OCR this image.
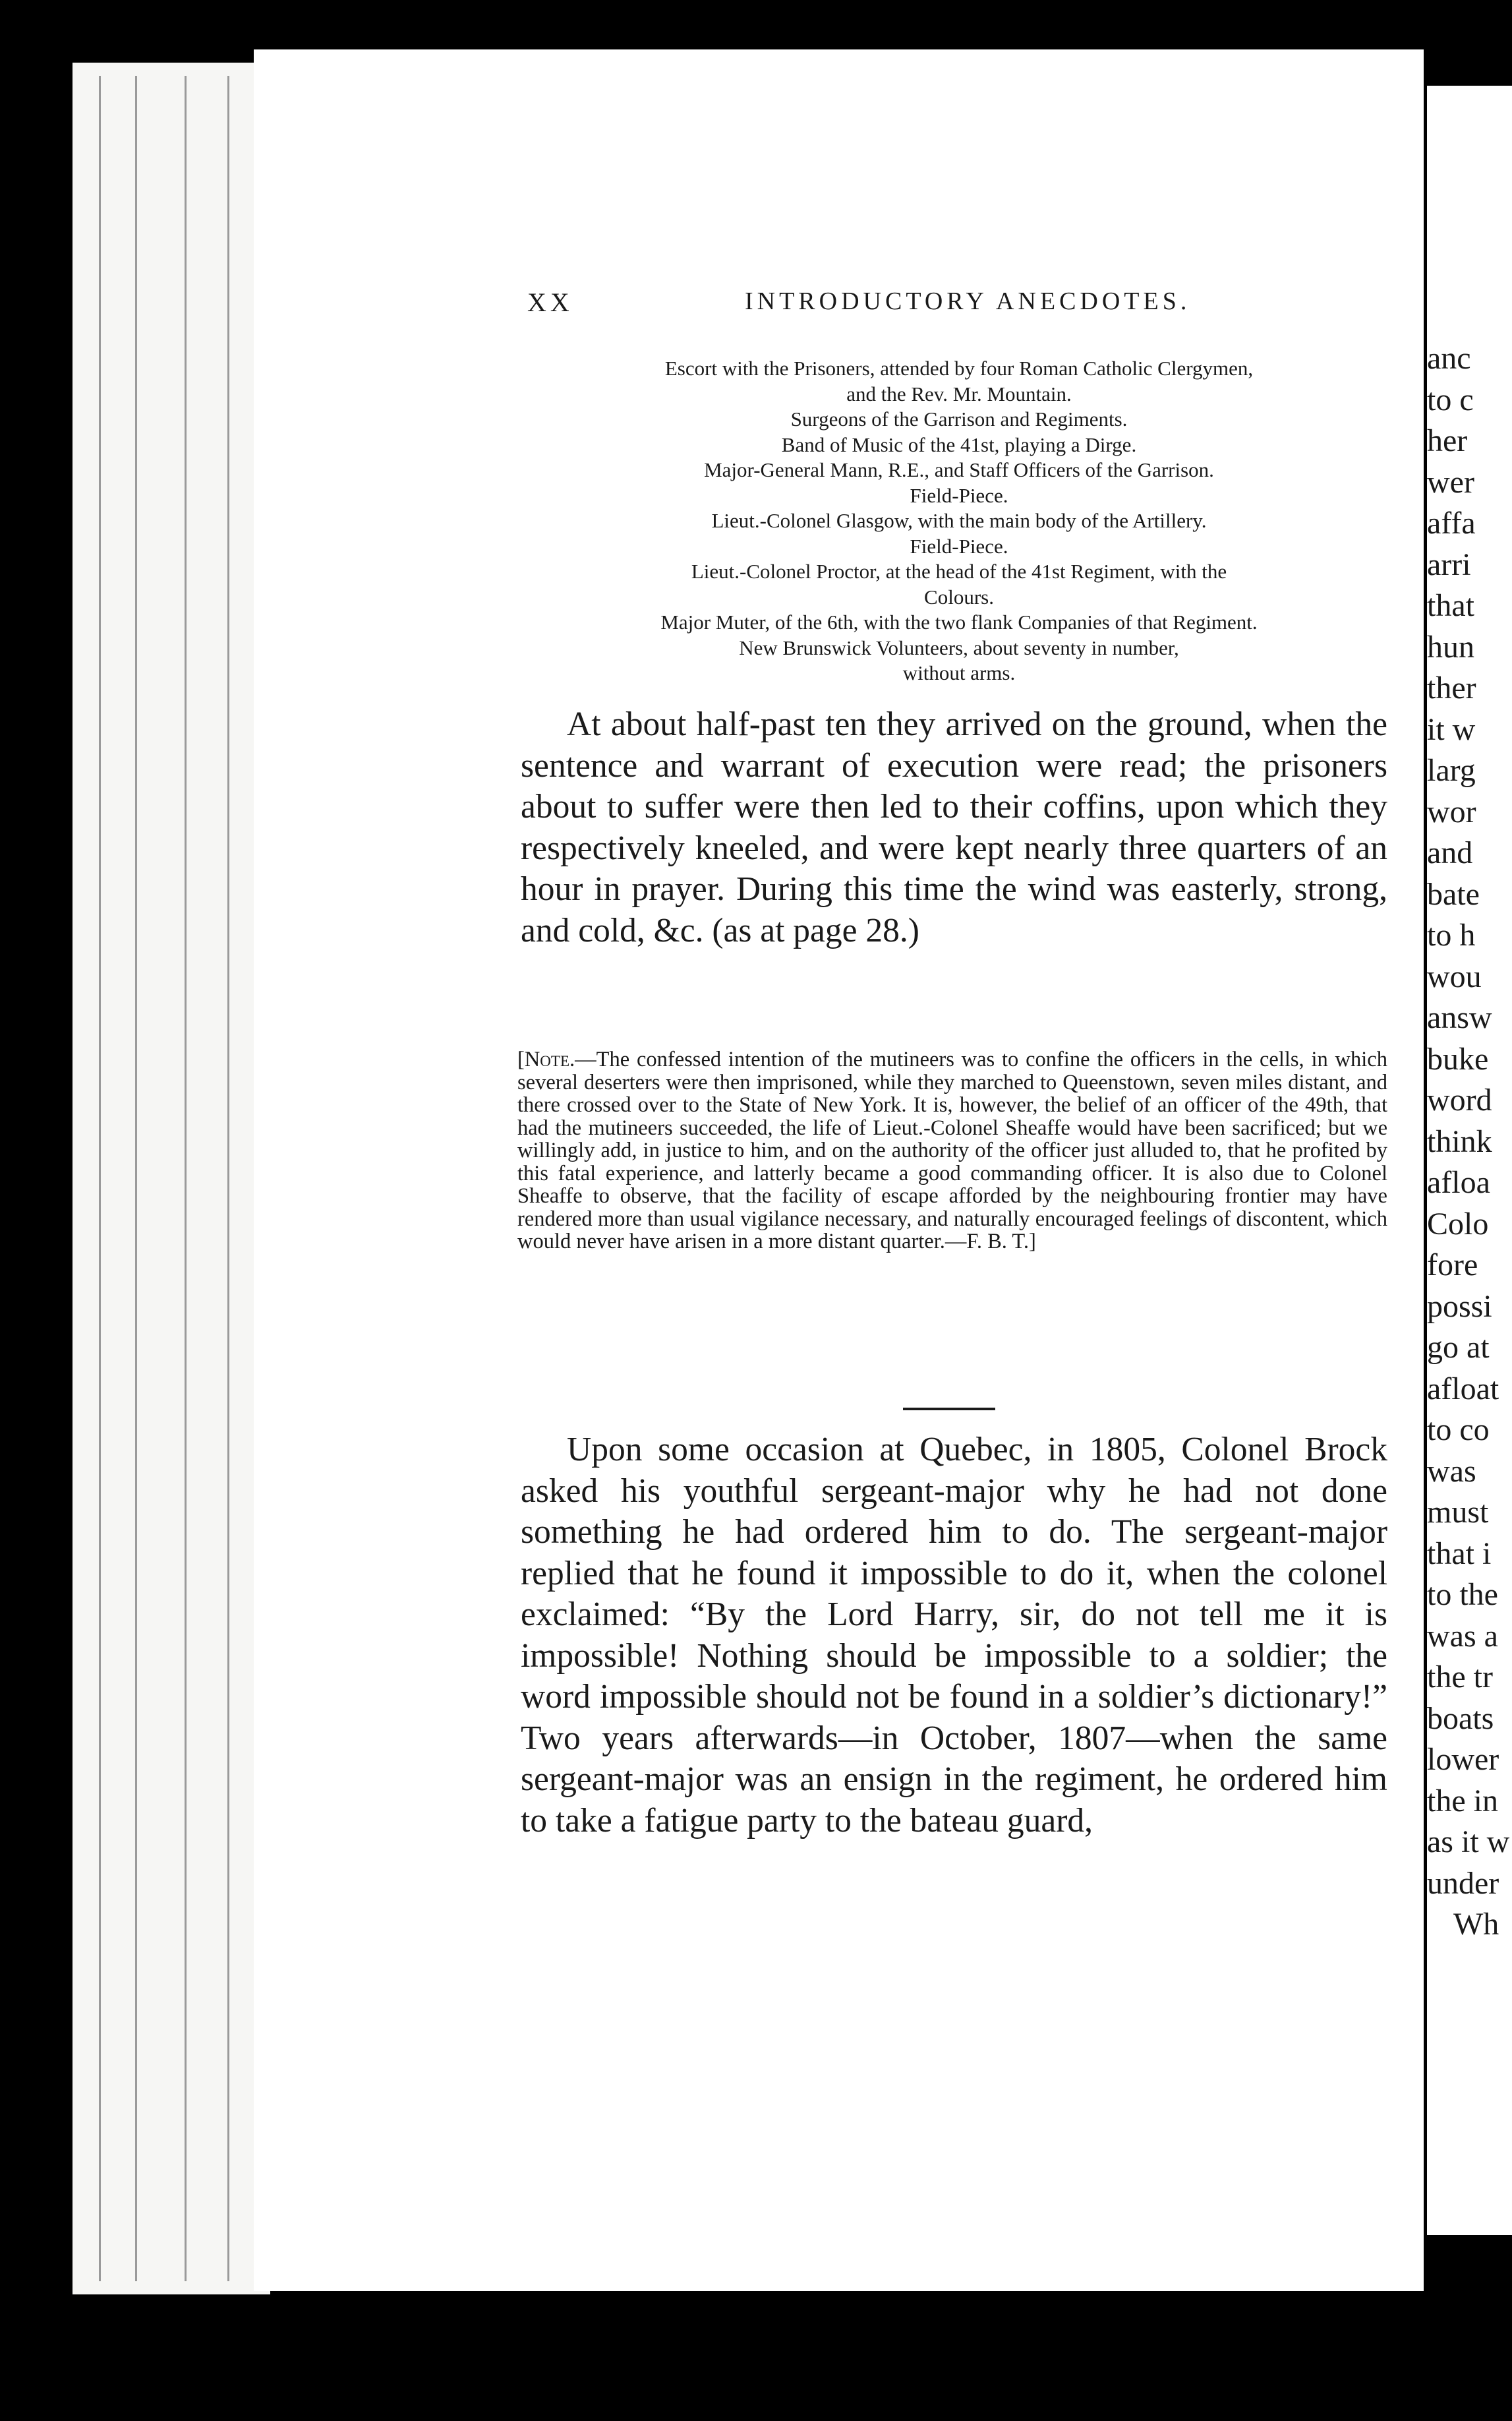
anc
to c
her
wer
affa
arri
that
hun
ther
it w
larg
wor
and
bate
to h
wou
answ
buke
word
think
afloa
Colo
fore
possi
go at
afloat
to co
was
must
that i
to the
was a
the tr
boats
lower
the in
as it w
under
Wh
XX	INTRODUCTORY ANECDOTES.
Escort with the Prisoners, attended by four Roman Catholic Clergymen,
and the Rev. Mr. Mountain.
Surgeons of the Garrison and Regiments.
Band of Music of the 41st, playing a Dirge.
Major-General Mann, R.E., and Staff Officers of the Garrison.
Field-Piece.
Lieut.-Colonel Glasgow, with the main body of the Artillery.
Field-Piece.
Lieut.-Colonel Proctor, at the head of the 41st Regiment, with the
Colours.
Major Muter, of the 6th, with the two flank Companies of that Regiment.
New Brunswick Volunteers, about seventy in number,
without arms.

At about half-past ten they arrived on the ground, when the sentence and warrant of execution were read; the prisoners about to suffer were then led to their coffins, upon which they respectively kneeled, and were kept nearly three quarters of an hour in prayer. During this time the wind was easterly, strong, and cold, &c. (as at page 28.)

[Note.—The confessed intention of the mutineers was to confine the officers in the cells, in which several deserters were then imprisoned, while they marched to Queenstown, seven miles distant, and there crossed over to the State of New York. It is, however, the belief of an officer of the 49th, that had the mutineers succeeded, the life of Lieut.-Colonel Sheaffe would have been sacrificed; but we willingly add, in justice to him, and on the authority of the officer just alluded to, that he profited by this fatal experience, and latterly became a good commanding officer. It is also due to Colonel Sheaffe to observe, that the facility of escape afforded by the neighbouring frontier may have rendered more than usual vigilance necessary, and naturally encouraged feelings of discontent, which would never have arisen in a more distant quarter.—F. B. T.]

Upon some occasion at Quebec, in 1805, Colonel Brock asked his youthful sergeant-major why he had not done something he had ordered him to do. The sergeant-major replied that he found it impossible to do it, when the colonel exclaimed: “By the Lord Harry, sir, do not tell me it is impossible! Nothing should be impossible to a soldier; the word impossible should not be found in a soldier’s dictionary!” Two years afterwards—in October, 1807—when the same sergeant-major was an ensign in the regiment, he ordered him to take a fatigue party to the bateau guard,
